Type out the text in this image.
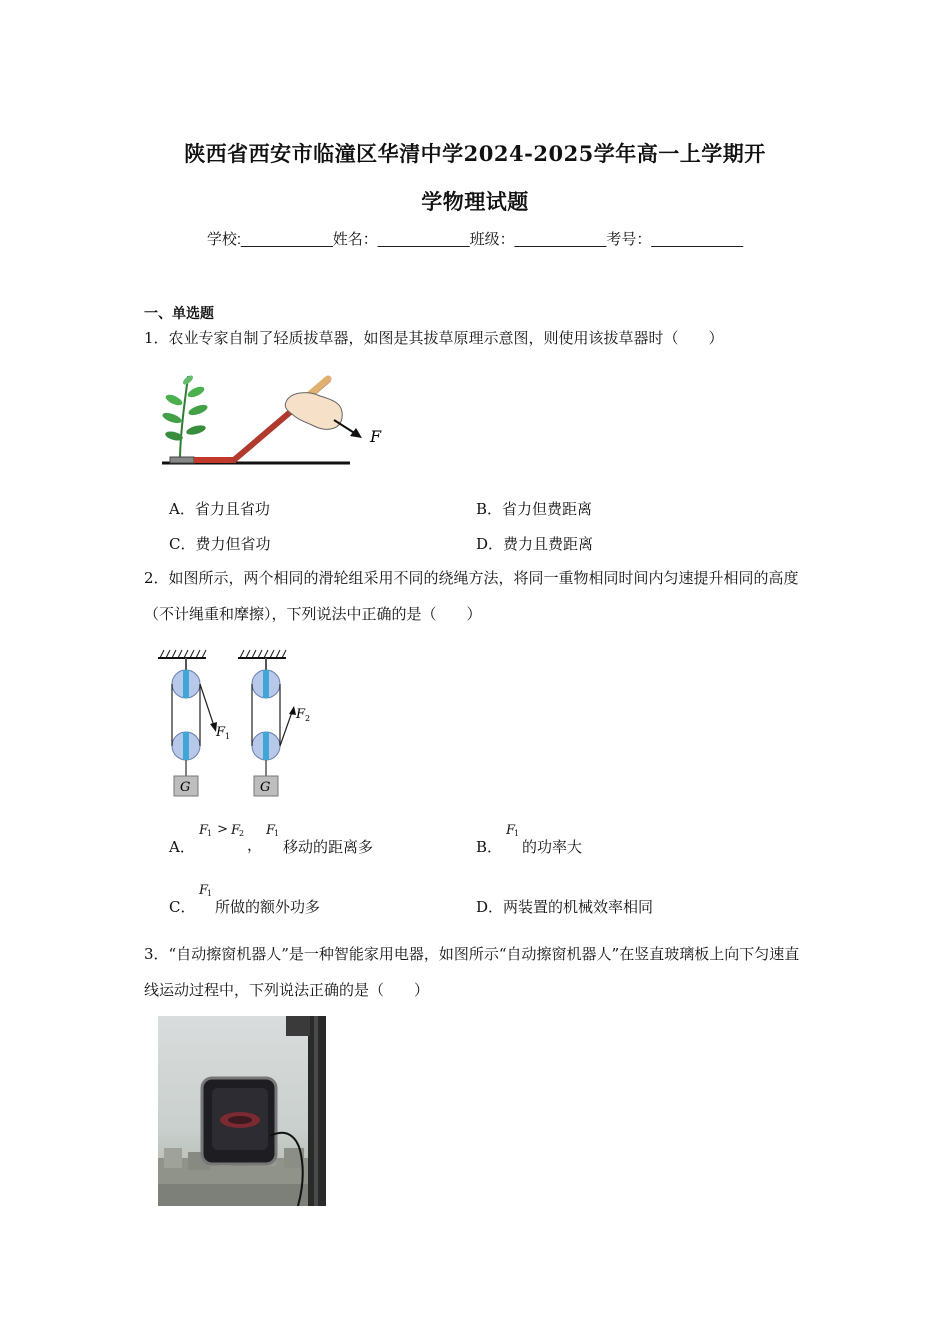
陕西省西安市临潼区华清中学2024-2025学年高一上学期开
学物理试题
学校:___________姓名：___________班级：___________考号：___________
一、单选题
1．农业专家自制了轻质拔草器，如图是其拔草原理示意图，则使用该拔草器时（　　）
F
A．省力且省功	B．省力但费距离
C．费力但省功	D．费力且费距离
2．如图所示，两个相同的滑轮组采用不同的绕绳方法，将同一重物相同时间内匀速提升相同的高度（不计绳重和摩擦），下列说法中正确的是（　　）
F 1
G
F 2
G
A．
F
1 >
F
2
，
F
1
移动的距离多	B．
F
1
的功率大
C．
F
1
所做的额外功多	D．两装置的机械效率相同
3．“自动擦窗机器人”是一种智能家用电器，如图所示“自动擦窗机器人”在竖直玻璃板上向下匀速直线运动过程中，下列说法正确的是（　　）
